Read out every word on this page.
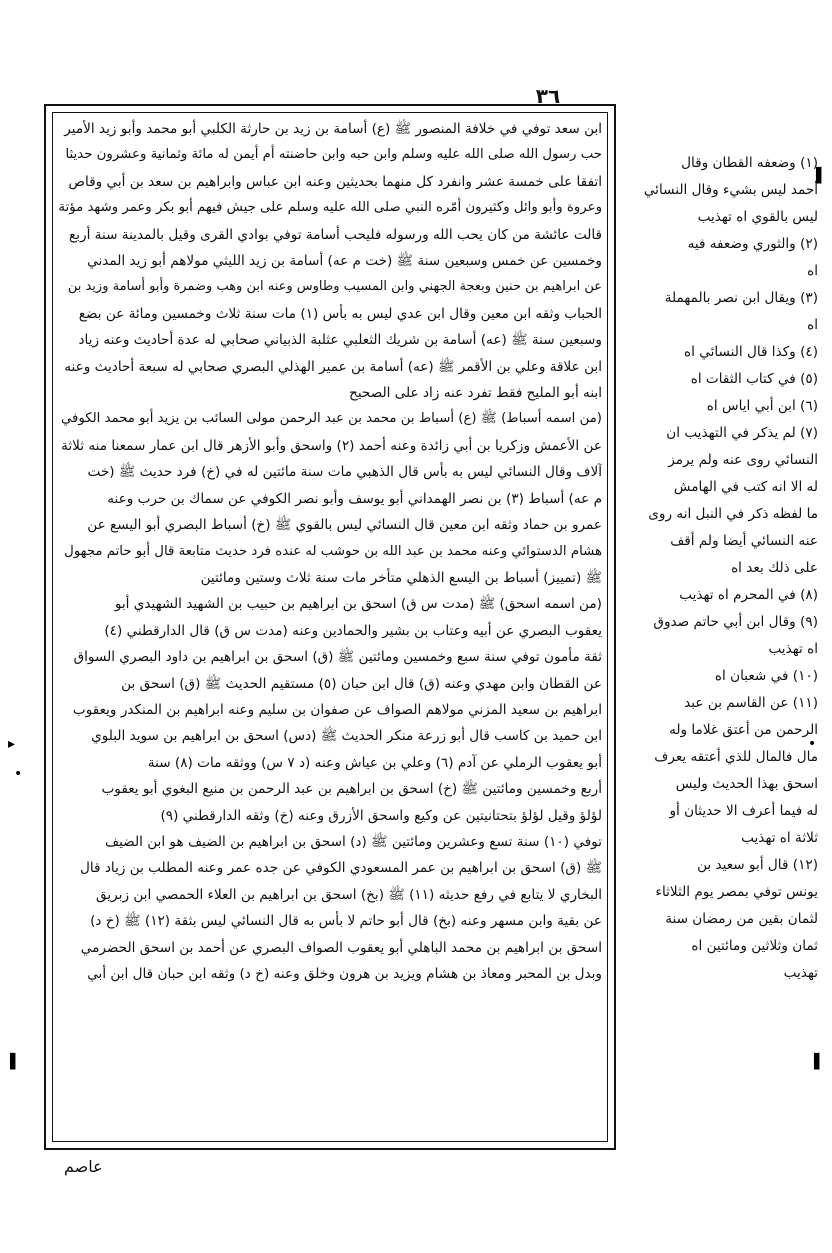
٣٦
ابن سعد توفي في خلافة المنصور ﷺ (ع) أسامة بن زيد بن حارثة الكلبي أبو محمد وأبو زيد الأمير
حب رسول الله صلى الله عليه وسلم وابن حبه وابن حاضنته أم أيمن له مائة وثمانية وعشرون حديثا
اتفقا على خمسة عشر وانفرد كل منهما بحديثين وعنه ابن عباس وابراهيم بن سعد بن أبي وقاص
وعروة وأبو وائل وكثيرون أمّره النبي صلى الله عليه وسلم على جيش فيهم أبو بكر وعمر وشهد مؤتة
قالت عائشة من كان يحب الله ورسوله فليحب أسامة توفي بوادي القرى وقيل بالمدينة سنة أربع
وخمسين عن خمس وسبعين سنة ﷺ (خت م عه) أسامة بن زيد الليثي مولاهم أبو زيد المدني
عن ابراهيم بن حنين وبعجة الجهني وابن المسيب وطاوس وعنه ابن وهب وضمرة وأبو أسامة وزيد بن
الحباب وثقه ابن معين وقال ابن عدي ليس به بأس (١) مات سنة ثلاث وخمسين ومائة عن بضع
وسبعين سنة ﷺ (عه) أسامة بن شريك الثعلبي عثلبة الذبياني صحابي له عدة أحاديث وعنه زياد
ابن علاقة وعلي بن الأقمر ﷺ (عه) أسامة بن عمير الهذلي البصري صحابي له سبعة أحاديث وعنه
ابنه أبو المليح فقط تفرد عنه زاد على الصحيح
(من اسمه أسباط) ﷺ (ع) أسباط بن محمد بن عبد الرحمن مولى السائب بن يزيد أبو محمد الكوفي
عن الأعمش وزكريا بن أبي زائدة وعنه أحمد (٢) واسحق وأبو الأزهر قال ابن عمار سمعنا منه ثلاثة
آلاف وقال النسائي ليس به بأس قال الذهبي مات سنة مائتين له في (خ) فرد حديث ﷺ (خت
م عه) أسباط (٣) بن نصر الهمداني أبو يوسف وأبو نصر الكوفي عن سماك بن حرب وعنه
عمرو بن حماد وثقه ابن معين قال النسائي ليس بالقوي ﷺ (خ) أسباط البصري أبو اليسع عن
هشام الدستوائي وعنه محمد بن عبد الله بن حوشب له عنده فرد حديث متابعة قال أبو حاتم مجهول
ﷺ (تمييز) أسباط بن اليسع الذهلي متأخر مات سنة ثلاث وستين ومائتين
(من اسمه اسحق) ﷺ (مدت س ق) اسحق بن ابراهيم بن حبيب بن الشهيد الشهيدي أبو
يعقوب البصري عن أبيه وعتاب بن بشير والحمادين وعنه (مدت س ق) قال الدارقطني (٤)
ثقة مأمون توفي سنة سبع وخمسين ومائتين ﷺ (ق) اسحق بن ابراهيم بن داود البصري السواق
عن القطان وابن مهدي وعنه (ق) قال ابن حبان (٥) مستقيم الحديث ﷺ (ق) اسحق بن
ابراهيم بن سعيد المزني مولاهم الصواف عن صفوان بن سليم وعنه ابراهيم بن المنكدر ويعقوب
ابن حميد بن كاسب قال أبو زرعة منكر الحديث ﷺ (دس) اسحق بن ابراهيم بن سويد البلوي
أبو يعقوب الرملي عن آدم (٦) وعلي بن عياش وعنه (د ٧ س) ووثقه مات (٨) سنة
أربع وخمسين ومائتين ﷺ (خ) اسحق بن ابراهيم بن عبد الرحمن بن منيع البغوي أبو يعقوب
لؤلؤ وقيل لؤلؤ بتحتانيتين عن وكيع واسحق الأزرق وعنه (خ) وثقه الدارقطني (٩)
توفي (١٠) سنة تسع وعشرين ومائتين ﷺ (د) اسحق بن ابراهيم بن الضيف هو ابن الضيف
ﷺ (ق) اسحق بن ابراهيم بن عمر المسعودي الكوفي عن جده عمر وعنه المطلب بن زياد قال
البخاري لا يتابع في رفع حديثه (١١) ﷺ (بخ) اسحق بن ابراهيم بن العلاء الحمصي ابن زبريق
عن بقية وابن مسهر وعنه (بخ) قال أبو حاتم لا بأس به قال النسائي ليس بثقة (١٢) ﷺ (خ د)
اسحق بن ابراهيم بن محمد الباهلي أبو يعقوب الصواف البصري عن أحمد بن اسحق الحضرمي
وبدل بن المحبر ومعاذ بن هشام ويزيد بن هرون وخلق وعنه (خ د) وثقه ابن حبان قال ابن أبي
(١) وضعفه القطان وقال
أحمد ليس بشيء وقال النسائي
ليس بالقوي اه تهذيب
(٢) والثوري وضعفه فيه
اه
(٣) ويقال ابن نصر بالمهملة
اه
(٤) وكذا قال النسائي اه
(٥) في كتاب الثقات اه
(٦) ابن أبي اياس اه
(٧) لم يذكر في التهذيب ان
النسائي روى عنه ولم يرمز
له الا انه كتب في الهامش
ما لفظه ذكر في النبل انه روى
عنه النسائي أيضا ولم أقف
على ذلك بعد اه
(٨) في المحرم اه تهذيب
(٩) وقال ابن أبي حاتم صدوق
اه تهذيب
(١٠) في شعبان اه
(١١) عن القاسم بن عبد
الرحمن من أعتق غلاما وله
مال فالمال للذي أعتقه يعرف
اسحق بهذا الحديث وليس
له فيما أعرف الا حديثان أو
ثلاثة اه تهذيب
(١٢) قال أبو سعيد بن
يونس توفي بمصر يوم الثلاثاء
لثمان بقين من رمضان سنة
ثمان وثلاثين ومائتين اه
تهذيب
عاصم
▌
▸
•
•
▌	▌
